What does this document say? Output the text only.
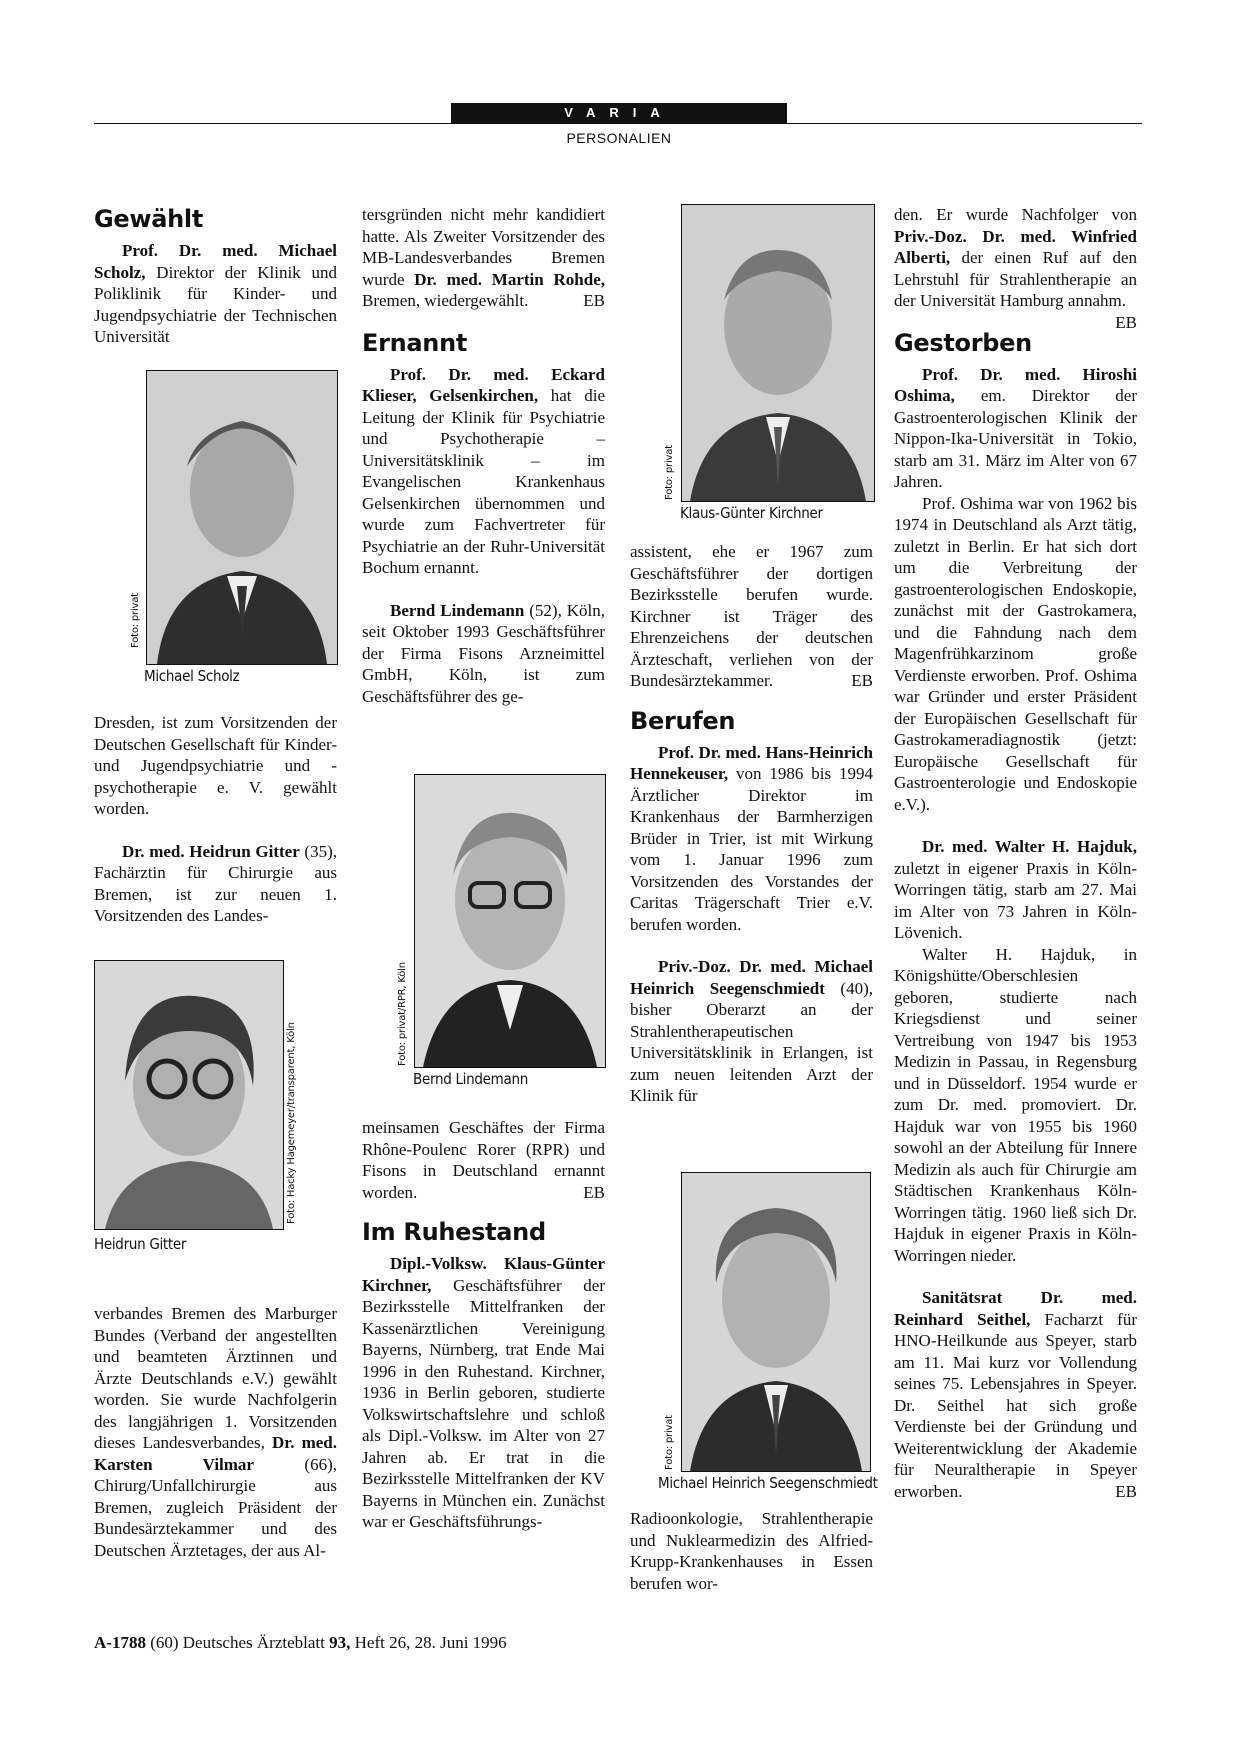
VARIA
PERSONALIEN
Gewählt

Prof. Dr. med. Michael Scholz, Direktor der Klinik und Poliklinik für Kinder- und Jugendpsychiatrie der Technischen Universität

Dresden, ist zum Vorsitzenden der Deutschen Gesellschaft für Kinder- und Jugendpsychiatrie und -psychotherapie e. V. gewählt worden.

Dr. med. Heidrun Gitter (35), Fachärztin für Chirurgie aus Bremen, ist zur neuen 1. Vorsitzenden des Landes-

verbandes Bremen des Marburger Bundes (Verband der angestellten und beamteten Ärztinnen und Ärzte Deutschlands e.V.) gewählt worden. Sie wurde Nachfolgerin des langjährigen 1. Vorsitzenden dieses Landesverbandes, Dr. med. Karsten Vilmar (66), Chirurg/Unfallchirurgie aus Bremen, zugleich Präsident der Bundesärztekammer und des Deutschen Ärztetages, der aus Al-

Foto: privat
Michael Scholz
Foto: Hacky Hagemeyer/transparent, Köln
Heidrun Gitter

tersgründen nicht mehr kandidiert hatte. Als Zweiter Vorsitzender des MB-Landesverbandes Bremen wurde Dr. med. Martin Rohde, Bremen, wiedergewählt.	EB

Ernannt

Prof. Dr. med. Eckard Klieser, Gelsenkirchen, hat die Leitung der Klinik für Psychiatrie und Psychotherapie – Universitätsklinik – im Evangelischen Krankenhaus Gelsenkirchen übernommen und wurde zum Fachvertreter für Psychiatrie an der Ruhr-Universität Bochum ernannt.

Bernd Lindemann (52), Köln, seit Oktober 1993 Geschäftsführer der Firma Fisons Arzneimittel GmbH, Köln, ist zum Geschäftsführer des ge-

meinsamen Geschäftes der Firma Rhône-Poulenc Rorer (RPR) und Fisons in Deutschland ernannt worden.	EB

Im Ruhestand

Dipl.-Volksw. Klaus-Günter Kirchner, Geschäftsführer der Bezirksstelle Mittelfranken der Kassenärztlichen Vereinigung Bayerns, Nürnberg, trat Ende Mai 1996 in den Ruhestand. Kirchner, 1936 in Berlin geboren, studierte Volkswirtschaftslehre und schloß als Dipl.-Volksw. im Alter von 27 Jahren ab. Er trat in die Bezirksstelle Mittelfranken der KV Bayerns in München ein. Zunächst war er Geschäftsführungs-

Foto: privat/RPR, Köln
Bernd Lindemann

assistent, ehe er 1967 zum Geschäftsführer der dortigen Bezirksstelle berufen wurde. Kirchner ist Träger des Ehrenzeichens der deutschen Ärzteschaft, verliehen von der Bundesärztekammer.	EB

Berufen

Prof. Dr. med. Hans-Heinrich Hennekeuser, von 1986 bis 1994 Ärztlicher Direktor im Krankenhaus der Barmherzigen Brüder in Trier, ist mit Wirkung vom 1. Januar 1996 zum Vorsitzenden des Vorstandes der Caritas Trägerschaft Trier e.V. berufen worden.

Priv.-Doz. Dr. med. Michael Heinrich Seegenschmiedt (40), bisher Oberarzt an der Strahlentherapeutischen Universitätsklinik in Erlangen, ist zum neuen leitenden Arzt der Klinik für

Radioonkologie, Strahlentherapie und Nuklearmedizin des Alfried-Krupp-Krankenhauses in Essen berufen wor-

Foto: privat
Klaus-Günter Kirchner
Foto: privat
Michael Heinrich Seegenschmiedt

den. Er wurde Nachfolger von Priv.-Doz. Dr. med. Winfried Alberti, der einen Ruf auf den Lehrstuhl für Strahlentherapie an der Universität Hamburg annahm.
EB

Gestorben

Prof. Dr. med. Hiroshi Oshima, em. Direktor der Gastroenterologischen Klinik der Nippon-Ika-Universität in Tokio, starb am 31. März im Alter von 67 Jahren.

Prof. Oshima war von 1962 bis 1974 in Deutschland als Arzt tätig, zuletzt in Berlin. Er hat sich dort um die Verbreitung der gastroenterologischen Endoskopie, zunächst mit der Gastrokamera, und die Fahndung nach dem Magenfrühkarzinom große Verdienste erworben. Prof. Oshima war Gründer und erster Präsident der Europäischen Gesellschaft für Gastrokameradiagnostik (jetzt: Europäische Gesellschaft für Gastroenterologie und Endoskopie e.V.).

Dr. med. Walter H. Hajduk, zuletzt in eigener Praxis in Köln-Worringen tätig, starb am 27. Mai im Alter von 73 Jahren in Köln-Lövenich.

Walter H. Hajduk, in Königshütte/Oberschlesien geboren, studierte nach Kriegsdienst und seiner Vertreibung von 1947 bis 1953 Medizin in Passau, in Regensburg und in Düsseldorf. 1954 wurde er zum Dr. med. promoviert. Dr. Hajduk war von 1955 bis 1960 sowohl an der Abteilung für Innere Medizin als auch für Chirurgie am Städtischen Krankenhaus Köln-Worringen tätig. 1960 ließ sich Dr. Hajduk in eigener Praxis in Köln-Worringen nieder.

Sanitätsrat Dr. med. Reinhard Seithel, Facharzt für HNO-Heilkunde aus Speyer, starb am 11. Mai kurz vor Vollendung seines 75. Lebensjahres in Speyer. Dr. Seithel hat sich große Verdienste bei der Gründung und Weiterentwicklung der Akademie für Neuraltherapie in Speyer erworben.	EB

A-1788 (60) Deutsches Ärzteblatt 93, Heft 26, 28. Juni 1996
